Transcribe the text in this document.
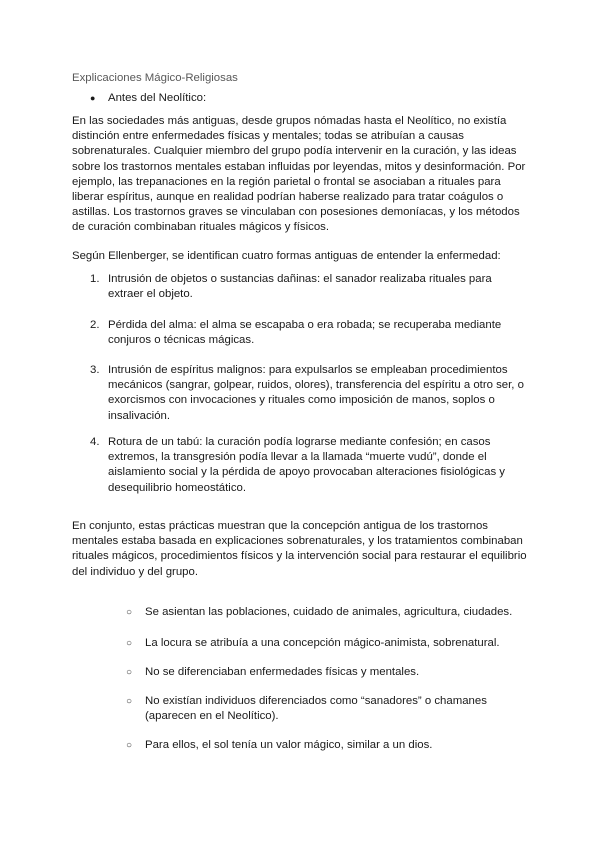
Explicaciones Mágico-Religiosas
●	Antes del Neolítico:

En las sociedades más antiguas, desde grupos nómadas hasta el Neolítico, no existía distinción entre enfermedades físicas y mentales; todas se atribuían a causas sobrenaturales. Cualquier miembro del grupo podía intervenir en la curación, y las ideas sobre los trastornos mentales estaban influidas por leyendas, mitos y desinformación. Por ejemplo, las trepanaciones en la región parietal o frontal se asociaban a rituales para liberar espíritus, aunque en realidad podrían haberse realizado para tratar coágulos o astillas. Los trastornos graves se vinculaban con posesiones demoníacas, y los métodos de curación combinaban rituales mágicos y físicos.

Según Ellenberger, se identifican cuatro formas antiguas de entender la enfermedad:

1. Intrusión de objetos o sustancias dañinas: el sanador realizaba rituales para extraer el objeto.
2. Pérdida del alma: el alma se escapaba o era robada; se recuperaba mediante conjuros o técnicas mágicas.
3. Intrusión de espíritus malignos: para expulsarlos se empleaban procedimientos mecánicos (sangrar, golpear, ruidos, olores), transferencia del espíritu a otro ser, o exorcismos con invocaciones y rituales como imposición de manos, soplos o insalivación.
4. Rotura de un tabú: la curación podía lograrse mediante confesión; en casos extremos, la transgresión podía llevar a la llamada “muerte vudú”, donde el aislamiento social y la pérdida de apoyo provocaban alteraciones fisiológicas y desequilibrio homeostático.

En conjunto, estas prácticas muestran que la concepción antigua de los trastornos mentales estaba basada en explicaciones sobrenaturales, y los tratamientos combinaban rituales mágicos, procedimientos físicos y la intervención social para restaurar el equilibrio del individuo y del grupo.

○	Se asientan las poblaciones, cuidado de animales, agricultura, ciudades.
○	La locura se atribuía a una concepción mágico-animista, sobrenatural.
○	No se diferenciaban enfermedades físicas y mentales.
○	No existían individuos diferenciados como “sanadores” o chamanes (aparecen en el Neolítico).
○	Para ellos, el sol tenía un valor mágico, similar a un dios.
